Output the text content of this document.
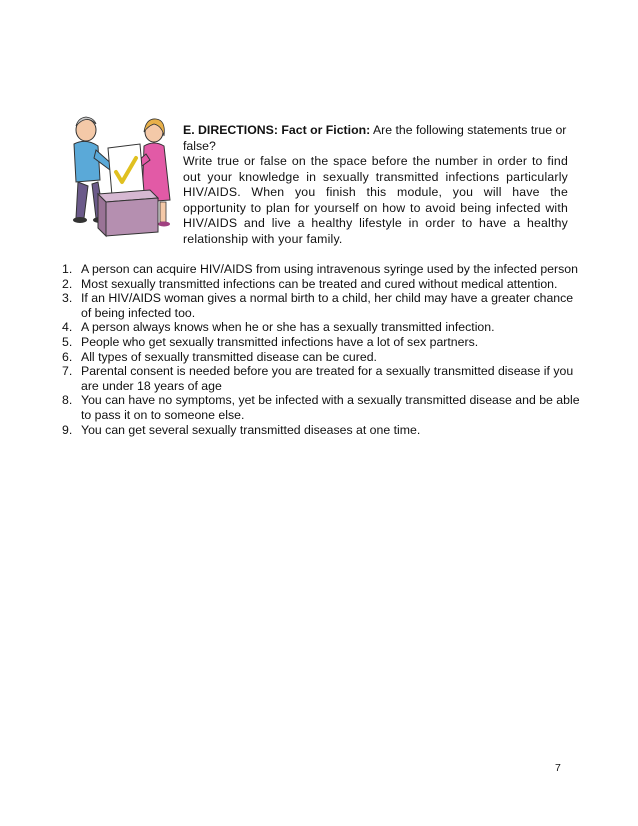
E. DIRECTIONS: Fact or Fiction: Are the following statements true or false?
Write true or false on the space before the number in order to find out your knowledge in sexually transmitted infections particularly HIV/AIDS. When you finish this module, you will have the opportunity to plan for yourself on how to avoid being infected with HIV/AIDS and live a healthy lifestyle in order to have a healthy relationship with your family.
1. A person can acquire HIV/AIDS from using intravenous syringe used by the infected person
2. Most sexually transmitted infections can be treated and cured without medical attention.
3. If an HIV/AIDS woman gives a normal birth to a child, her child may have a greater chance of being infected too.
4. A person always knows when he or she has a sexually transmitted infection.
5. People who get sexually transmitted infections have a lot of sex partners.
6. All types of sexually transmitted disease can be cured.
7. Parental consent is needed before you are treated for a sexually transmitted disease if you are under 18 years of age
8. You can have no symptoms, yet be infected with a sexually transmitted disease and be able to pass it on to someone else.
9. You can get several sexually transmitted diseases at one time.
7
